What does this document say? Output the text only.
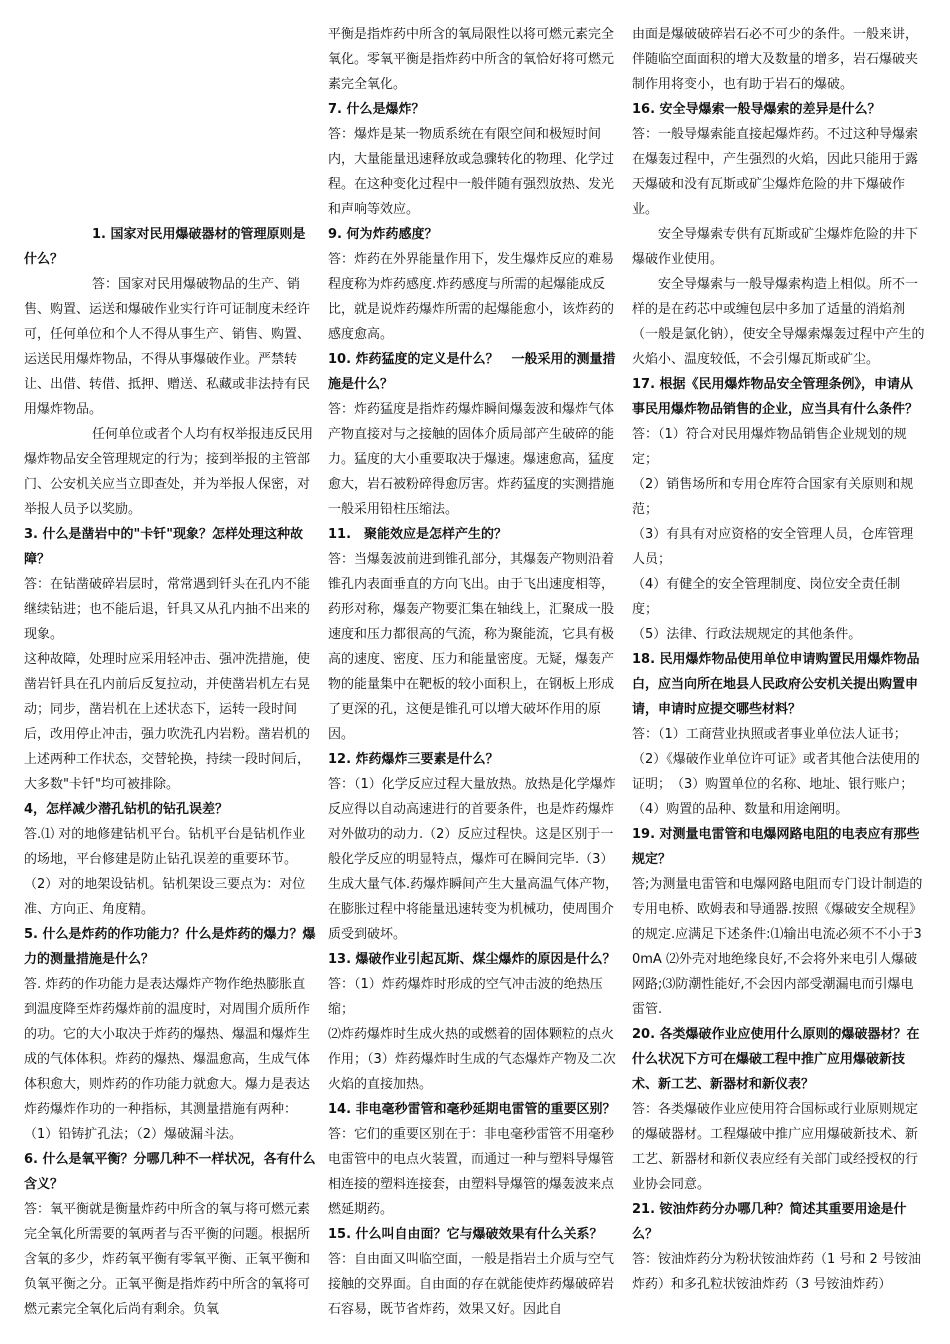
1. 国家对民用爆破器材的管理原则是什么？

答：国家对民用爆破物品的生产、销售、购置、运送和爆破作业实行许可证制度未经许可，任何单位和个人不得从事生产、销售、购置、运送民用爆炸物品，不得从事爆破作业。严禁转让、出借、转借、抵押、赠送、私藏或非法持有民用爆炸物品。

任何单位或者个人均有权举报违反民用爆炸物品安全管理规定的行为；接到举报的主管部门、公安机关应当立即查处，并为举报人保密，对举报人员予以奖励。

3. 什么是凿岩中的"卡钎"现象？怎样处理这种故障？

答：在钻凿破碎岩层时，常常遇到钎头在孔内不能继续钻进；也不能后退，钎具又从孔内抽不出来的现象。

这种故障，处理时应采用轻冲击、强冲洗措施，使凿岩钎具在孔内前后反复拉动，并使凿岩机左右晃动；同步，凿岩机在上述状态下，运转一段时间后，改用停止冲击，强力吹洗孔内岩粉。凿岩机的上述两种工作状态，交替轮换，持续一段时间后，大多数"卡钎"均可被排除。

4，怎样减少潜孔钻机的钻孔误差？

答.⑴ 对的地修建钻机平台。钻机平台是钻机作业的场地，平台修建是防止钻孔误差的重要环节。（2）对的地架设钻机。钻机架设三要点为：对位准、方向正、角度精。

5. 什么是炸药的作功能力？什么是炸药的爆力？爆力的测量措施是什么？

答. 炸药的作功能力是表达爆炸产物作绝热膨胀直到温度降至炸药爆炸前的温度时，对周围介质所作的功。它的大小取决于炸药的爆热、爆温和爆炸生成的气体体积。炸药的爆热、爆温愈高，生成气体体积愈大，则炸药的作功能力就愈大。爆力是表达炸药爆炸作功的一种指标，其测量措施有两种：（1）铅铸扩孔法；（2）爆破漏斗法。

6. 什么是氧平衡？分哪几种不一样状况，各有什么含义？

答：氧平衡就是衡量炸药中所含的氧与将可燃元素完全氧化所需要的氧两者与否平衡的问题。根据所含氧的多少，炸药氧平衡有零氧平衡、正氧平衡和负氧平衡之分。正氧平衡是指炸药中所含的氧将可燃元素完全氧化后尚有剩余。负氧

平衡是指炸药中所含的氧局限性以将可燃元素完全氧化。零氧平衡是指炸药中所含的氧恰好将可燃元素完全氧化。

7. 什么是爆炸？

答：爆炸是某一物质系统在有限空间和极短时间内，大量能量迅速释放或急骤转化的物理、化学过程。在这种变化过程中一般伴随有强烈放热、发光和声响等效应。

9. 何为炸药感度？

答：炸药在外界能量作用下，发生爆炸反应的难易程度称为炸药感度.炸药感度与所需的起爆能成反比，就是说炸药爆炸所需的起爆能愈小，该炸药的感度愈高。

10. 炸药猛度的定义是什么？　一般采用的测量措施是什么？

答：炸药猛度是指炸药爆炸瞬间爆轰波和爆炸气体产物直接对与之接触的固体介质局部产生破碎的能力。猛度的大小重要取决于爆速。爆速愈高，猛度愈大，岩石被粉碎得愈厉害。炸药猛度的实测措施一般采用铅柱压缩法。

11.　聚能效应是怎样产生的？

答：当爆轰波前进到锥孔部分，其爆轰产物则沿着锥孔内表面垂直的方向飞出。由于飞出速度相等，药形对称，爆轰产物要汇集在轴线上，汇聚成一股速度和压力都很高的气流，称为聚能流，它具有极高的速度、密度、压力和能量密度。无疑，爆轰产物的能量集中在靶板的较小面积上，在钢板上形成了更深的孔，这便是锥孔可以增大破坏作用的原因。

12. 炸药爆炸三要素是什么？

答：（1）化学反应过程大量放热。放热是化学爆炸反应得以自动高速进行的首要条件，也是炸药爆炸对外做功的动力.（2）反应过程快。这是区别于一般化学反应的明显特点，爆炸可在瞬间完毕.（3）生成大量气体.药爆炸瞬间产生大量高温气体产物，在膨胀过程中将能量迅速转变为机械功，使周围介质受到破坏。

13. 爆破作业引起瓦斯、煤尘爆炸的原因是什么？

答：（1）炸药爆炸时形成的空气冲击波的绝热压缩；

⑵炸药爆炸时生成火热的或燃着的固体颗粒的点火作用；（3）炸药爆炸时生成的气态爆炸产物及二次火焰的直接加热。

14. 非电毫秒雷管和毫秒延期电雷管的重要区别？

答：它们的重要区别在于：非电毫秒雷管不用毫秒电雷管中的电点火装置，而通过一种与塑料导爆管相连接的塑料连接套，由塑料导爆管的爆轰波来点燃延期药。

15. 什么叫自由面？它与爆破效果有什么关系？

答：自由面又叫临空面，一般是指岩土介质与空气接触的交界面。自由面的存在就能使炸药爆破碎岩石容易，既节省炸药，效果又好。因此自

由面是爆破破碎岩石必不可少的条件。一般来讲，伴随临空面面积的增大及数量的增多，岩石爆破夹制作用将变小，也有助于岩石的爆破。

16. 安全导爆索一般导爆索的差异是什么？

答：一般导爆索能直接起爆炸药。不过这种导爆索在爆轰过程中，产生强烈的火焰，因此只能用于露天爆破和没有瓦斯或矿尘爆炸危险的井下爆破作业。

安全导爆索专供有瓦斯或矿尘爆炸危险的井下爆破作业使用。

安全导爆索与一般导爆索构造上相似。所不一样的是在药芯中或缠包层中多加了适量的消焰剂（一般是氯化钠），使安全导爆索爆轰过程中产生的火焰小、温度较低，不会引爆瓦斯或矿尘。

17. 根据《民用爆炸物品安全管理条例》，申请从事民用爆炸物品销售的企业，应当具有什么条件？

答：（1）符合对民用爆炸物品销售企业规划的规定；

（2）销售场所和专用仓库符合国家有关原则和规范；

（3）有具有对应资格的安全管理人员，仓库管理人员；

（4）有健全的安全管理制度、岗位安全责任制度；

（5）法律、行政法规规定的其他条件。

18. 民用爆炸物品使用单位申请购置民用爆炸物品白，应当向所在地县人民政府公安机关提出购置申请，申请时应提交哪些材料？

答：（1）工商营业执照或者事业单位法人证书；（2）《爆破作业单位许可证》或者其他合法使用的证明；　（3）购置单位的名称、地址、银行账户；（4）购置的品种、数量和用途阐明。

19. 对测量电雷管和电爆网路电阻的电表应有那些规定？

答;为测量电雷管和电爆网路电阻而专门设计制造的专用电桥、欧姆表和导通器.按照《爆破安全规程》的规定.应满足下述条件:⑴输出电流必须不不小于30mA ⑵外壳对地绝缘良好,不会将外来电引人爆破网路;⑶防潮性能好,不会因内部受潮漏电而引爆电雷管.

20. 各类爆破作业应使用什么原则的爆破器材？在什么状况下方可在爆破工程中推广应用爆破新技术、新工艺、新器材和新仪表？

答：各类爆破作业应使用符合国标或行业原则规定的爆破器材。工程爆破中推广应用爆破新技术、新工艺、新器材和新仪表应经有关部门或经授权的行业协会同意。

21. 铵油炸药分办哪几种？简述其重要用途是什么？

答：铵油炸药分为粉状铵油炸药（1 号和 2 号铵油炸药）和多孔粒状铵油炸药（3 号铵油炸药）
